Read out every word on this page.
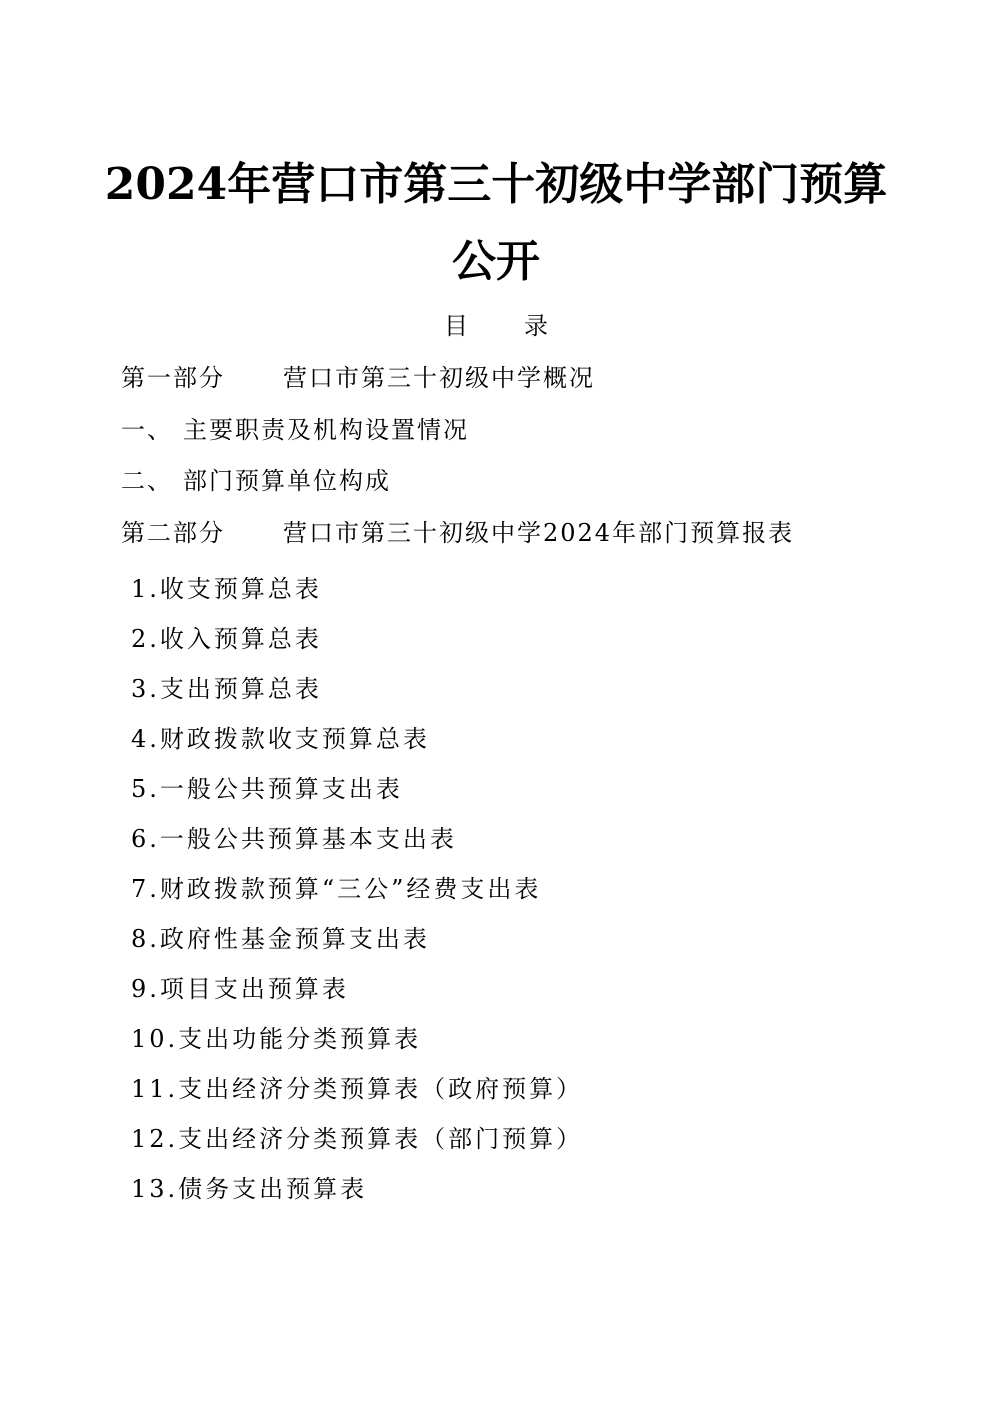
2024年营口市第三十初级中学部门预算
公开
目 录
第一部分 营口市第三十初级中学概况
一、 主要职责及机构设置情况
二、 部门预算单位构成
第二部分 营口市第三十初级中学2024年部门预算报表
1.收支预算总表
2.收入预算总表
3.支出预算总表
4.财政拨款收支预算总表
5.一般公共预算支出表
6.一般公共预算基本支出表
7.财政拨款预算“三公”经费支出表
8.政府性基金预算支出表
9.项目支出预算表
10.支出功能分类预算表
11.支出经济分类预算表（政府预算）
12.支出经济分类预算表（部门预算）
13.债务支出预算表
